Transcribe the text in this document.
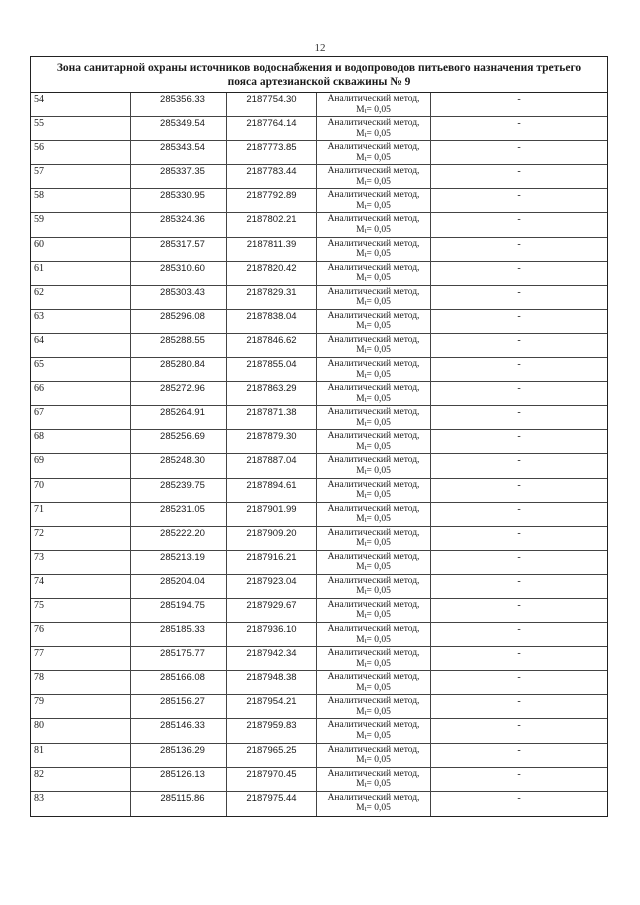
12
Зона санитарной охраны источников водоснабжения и водопроводов питьевого назначения третьего пояса артезианской скважины № 9
54	285356.33	2187754.30	Аналитический метод,
Mt= 0,05
-
55	285349.54	2187764.14	Аналитический метод,
Mt= 0,05
-
56	285343.54	2187773.85	Аналитический метод,
Mt= 0,05
-
57	285337.35	2187783.44	Аналитический метод,
Mt= 0,05
-
58	285330.95	2187792.89	Аналитический метод,
Mt= 0,05
-
59	285324.36	2187802.21	Аналитический метод,
Mt= 0,05
-
60	285317.57	2187811.39	Аналитический метод,
Mt= 0,05
-
61	285310.60	2187820.42	Аналитический метод,
Mt= 0,05
-
62	285303.43	2187829.31	Аналитический метод,
Mt= 0,05
-
63	285296.08	2187838.04	Аналитический метод,
Mt= 0,05
-
64	285288.55	2187846.62	Аналитический метод,
Mt= 0,05
-
65	285280.84	2187855.04	Аналитический метод,
Mt= 0,05
-
66	285272.96	2187863.29	Аналитический метод,
Mt= 0,05
-
67	285264.91	2187871.38	Аналитический метод,
Mt= 0,05
-
68	285256.69	2187879.30	Аналитический метод,
Mt= 0,05
-
69	285248.30	2187887.04	Аналитический метод,
Mt= 0,05
-
70	285239.75	2187894.61	Аналитический метод,
Mt= 0,05
-
71	285231.05	2187901.99	Аналитический метод,
Mt= 0,05
-
72	285222.20	2187909.20	Аналитический метод,
Mt= 0,05
-
73	285213.19	2187916.21	Аналитический метод,
Mt= 0,05
-
74	285204.04	2187923.04	Аналитический метод,
Mt= 0,05
-
75	285194.75	2187929.67	Аналитический метод,
Mt= 0,05
-
76	285185.33	2187936.10	Аналитический метод,
Mt= 0,05
-
77	285175.77	2187942.34	Аналитический метод,
Mt= 0,05
-
78	285166.08	2187948.38	Аналитический метод,
Mt= 0,05
-
79	285156.27	2187954.21	Аналитический метод,
Mt= 0,05
-
80	285146.33	2187959.83	Аналитический метод,
Mt= 0,05
-
81	285136.29	2187965.25	Аналитический метод,
Mt= 0,05
-
82	285126.13	2187970.45	Аналитический метод,
Mt= 0,05
-
83	285115.86	2187975.44	Аналитический метод,
Mt= 0,05
-
